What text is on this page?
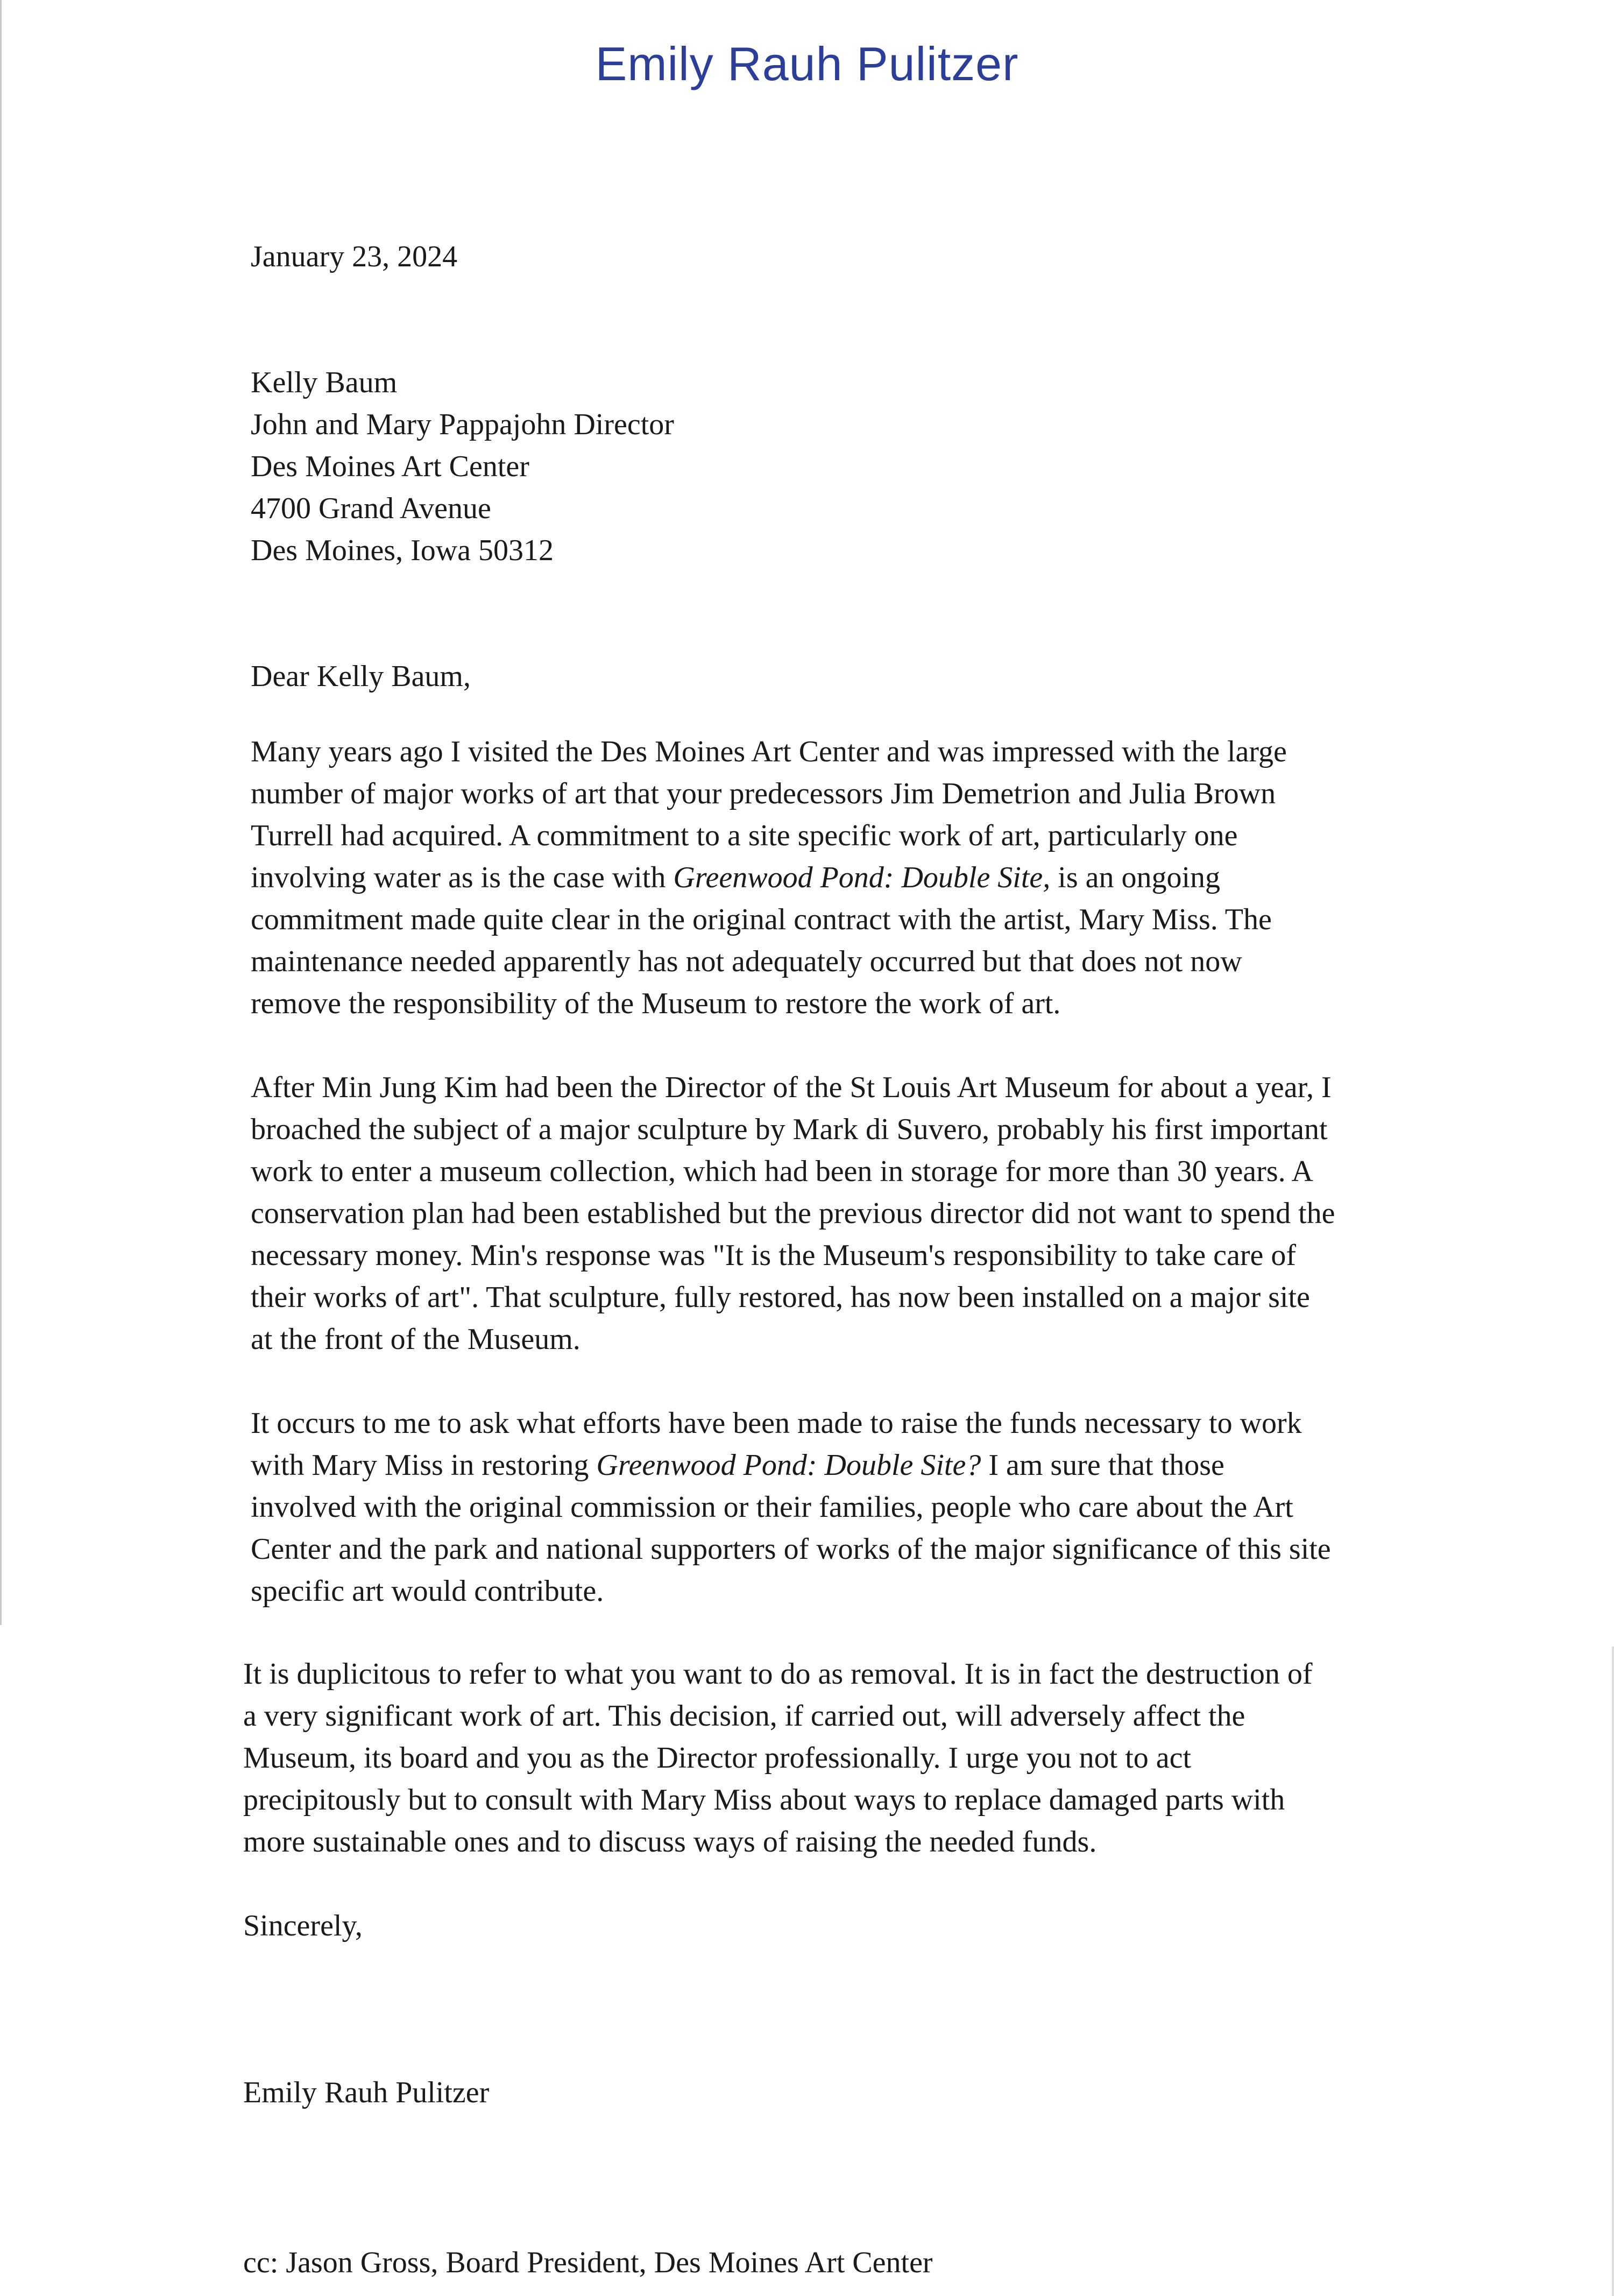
Emily Rauh Pulitzer
January 23, 2024
Kelly Baum
John and Mary Pappajohn Director
Des Moines Art Center
4700 Grand Avenue
Des Moines, Iowa 50312
Dear Kelly Baum,
Many years ago I visited the Des Moines Art Center and was impressed with the large
number of major works of art that your predecessors Jim Demetrion and Julia Brown
Turrell had acquired. A commitment to a site specific work of art, particularly one
involving water as is the case with Greenwood Pond: Double Site, is an ongoing
commitment made quite clear in the original contract with the artist, Mary Miss. The
maintenance needed apparently has not adequately occurred but that does not now
remove the responsibility of the Museum to restore the work of art.
After Min Jung Kim had been the Director of the St Louis Art Museum for about a year, I
broached the subject of a major sculpture by Mark di Suvero, probably his first important
work to enter a museum collection, which had been in storage for more than 30 years. A
conservation plan had been established but the previous director did not want to spend the
necessary money. Min's response was "It is the Museum's responsibility to take care of
their works of art". That sculpture, fully restored, has now been installed on a major site
at the front of the Museum.
It occurs to me to ask what efforts have been made to raise the funds necessary to work
with Mary Miss in restoring Greenwood Pond: Double Site? I am sure that those
involved with the original commission or their families, people who care about the Art
Center and the park and national supporters of works of the major significance of this site
specific art would contribute.
It is duplicitous to refer to what you want to do as removal. It is in fact the destruction of
a very significant work of art. This decision, if carried out, will adversely affect the
Museum, its board and you as the Director professionally. I urge you not to act
precipitously but to consult with Mary Miss about ways to replace damaged parts with
more sustainable ones and to discuss ways of raising the needed funds.
Sincerely,
Emily Rauh Pulitzer
cc: Jason Gross, Board President, Des Moines Art Center
